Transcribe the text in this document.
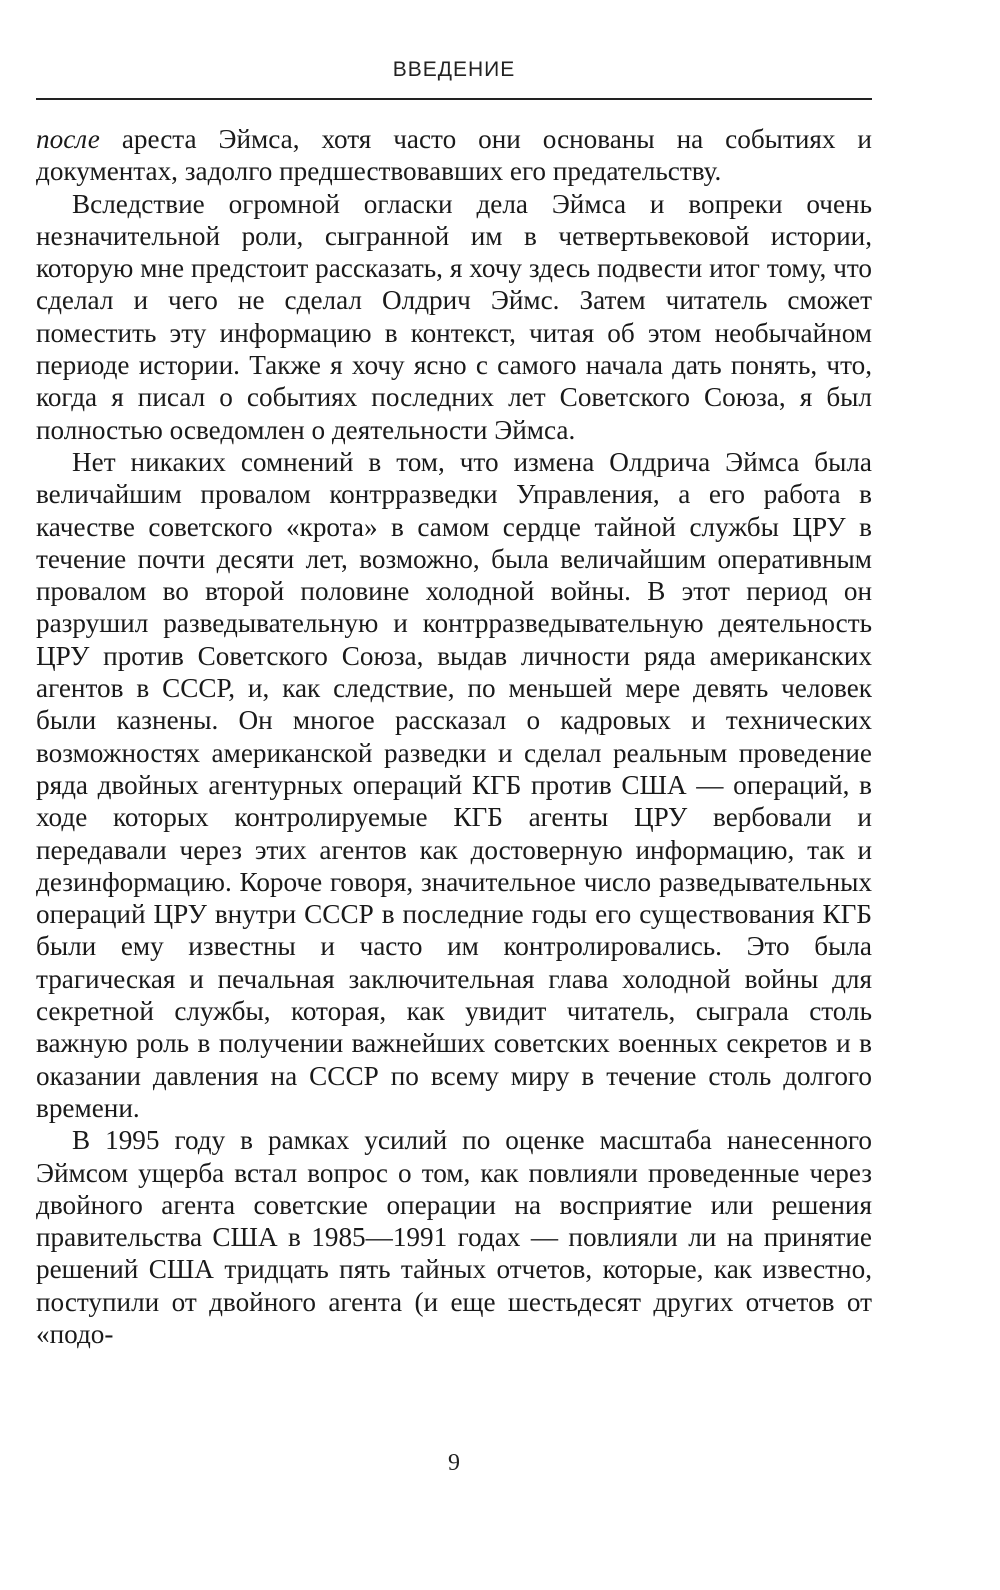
ВВЕДЕНИЕ

после ареста Эймса, хотя часто они основаны на событиях и документах, задолго предшествовавших его предательству.

Вследствие огромной огласки дела Эймса и вопреки очень незначительной роли, сыгранной им в четвертьвековой истории, которую мне предстоит рассказать, я хочу здесь подвести итог тому, что сделал и чего не сделал Олдрич Эймс. Затем читатель сможет поместить эту информацию в контекст, читая об этом необычайном периоде истории. Также я хочу ясно с самого начала дать понять, что, когда я писал о событиях последних лет Советского Союза, я был полностью осведомлен о деятельности Эймса.

Нет никаких сомнений в том, что измена Олдрича Эймса была величайшим провалом контрразведки Управления, а его работа в качестве советского «крота» в самом сердце тайной службы ЦРУ в течение почти десяти лет, возможно, была величайшим оперативным провалом во второй половине холодной войны. В этот период он разрушил разведывательную и контрразведывательную деятельность ЦРУ против Советского Союза, выдав личности ряда американских агентов в СССР, и, как следствие, по меньшей мере девять человек были казнены. Он многое рассказал о кадровых и технических возможностях американской разведки и сделал реальным проведение ряда двойных агентурных операций КГБ против США — операций, в ходе которых контролируемые КГБ агенты ЦРУ вербовали и передавали через этих агентов как достоверную информацию, так и дезинформацию. Короче говоря, значительное число разведывательных операций ЦРУ внутри СССР в последние годы его существования КГБ были ему известны и часто им контролировались. Это была трагическая и печальная заключительная глава холодной войны для секретной службы, которая, как увидит читатель, сыграла столь важную роль в получении важнейших советских военных секретов и в оказании давления на СССР по всему миру в течение столь долгого времени.

В 1995 году в рамках усилий по оценке масштаба нанесенного Эймсом ущерба встал вопрос о том, как повлияли проведенные через двойного агента советские операции на восприятие или решения правительства США в 1985—1991 годах — повлияли ли на принятие решений США тридцать пять тайных отчетов, которые, как известно, поступили от двойного агента (и еще шестьдесят других отчетов от «подо-

9
